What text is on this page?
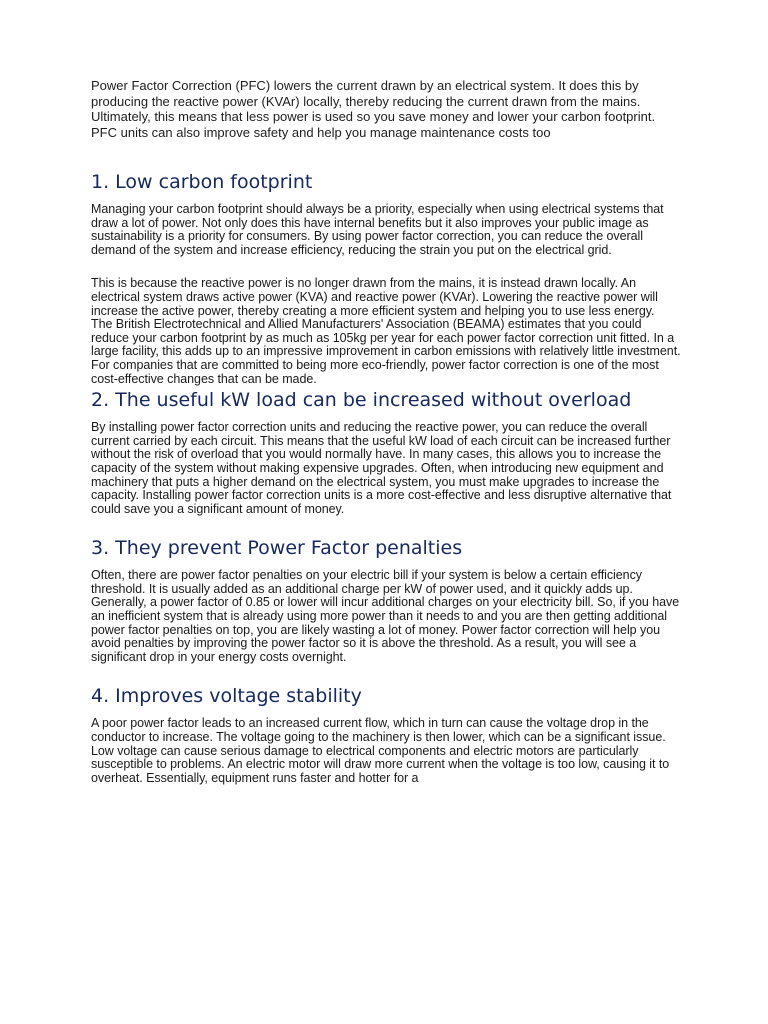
Power Factor Correction (PFC) lowers the current drawn by an electrical system. It does this by producing the reactive power (KVAr) locally, thereby reducing the current drawn from the mains. Ultimately, this means that less power is used so you save money and lower your carbon footprint. PFC units can also improve safety and help you manage maintenance costs too

1. Low carbon footprint

Managing your carbon footprint should always be a priority, especially when using electrical systems that draw a lot of power. Not only does this have internal benefits but it also improves your public image as sustainability is a priority for consumers. By using power factor correction, you can reduce the overall demand of the system and increase efficiency, reducing the strain you put on the electrical grid.

This is because the reactive power is no longer drawn from the mains, it is instead drawn locally. An electrical system draws active power (KVA) and reactive power (KVAr). Lowering the reactive power will increase the active power, thereby creating a more efficient system and helping you to use less energy.

The British Electrotechnical and Allied Manufacturers' Association (BEAMA) estimates that you could reduce your carbon footprint by as much as 105kg per year for each power factor correction unit fitted. In a large facility, this adds up to an impressive improvement in carbon emissions with relatively little investment. For companies that are committed to being more eco-friendly, power factor correction is one of the most cost-effective changes that can be made.

2. The useful kW load can be increased without overload

By installing power factor correction units and reducing the reactive power, you can reduce the overall current carried by each circuit. This means that the useful kW load of each circuit can be increased further without the risk of overload that you would normally have. In many cases, this allows you to increase the capacity of the system without making expensive upgrades. Often, when introducing new equipment and machinery that puts a higher demand on the electrical system, you must make upgrades to increase the capacity. Installing power factor correction units is a more cost-effective and less disruptive alternative that could save you a significant amount of money.

3. They prevent Power Factor penalties

Often, there are power factor penalties on your electric bill if your system is below a certain efficiency threshold. It is usually added as an additional charge per kW of power used, and it quickly adds up. Generally, a power factor of 0.85 or lower will incur additional charges on your electricity bill. So, if you have an inefficient system that is already using more power than it needs to and you are then getting additional power factor penalties on top, you are likely wasting a lot of money. Power factor correction will help you avoid penalties by improving the power factor so it is above the threshold. As a result, you will see a significant drop in your energy costs overnight.

4. Improves voltage stability

A poor power factor leads to an increased current flow, which in turn can cause the voltage drop in the conductor to increase. The voltage going to the machinery is then lower, which can be a significant issue. Low voltage can cause serious damage to electrical components and electric motors are particularly susceptible to problems. An electric motor will draw more current when the voltage is too low, causing it to overheat. Essentially, equipment runs faster and hotter for a
